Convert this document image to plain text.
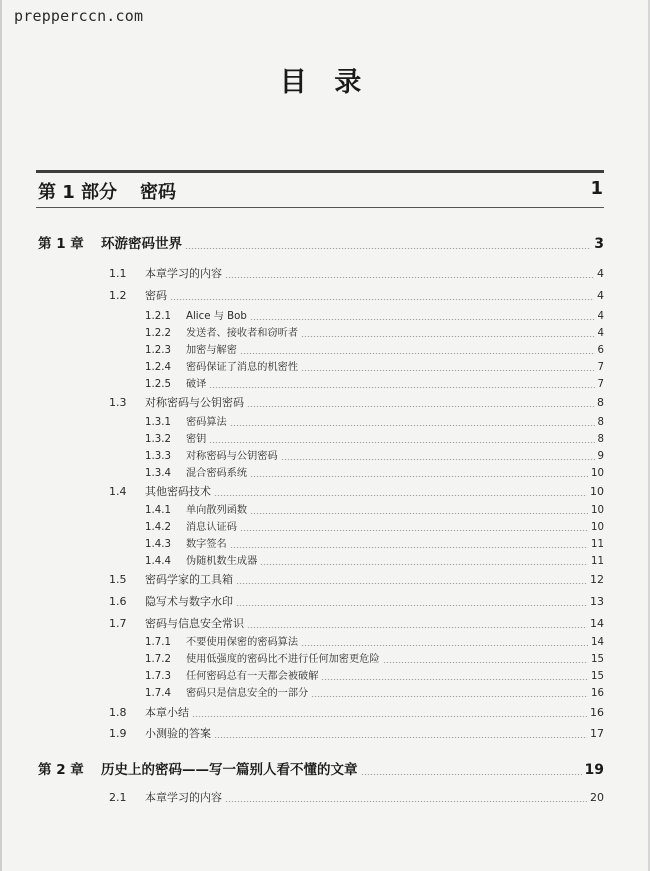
prepperccn.com
目 录
第 1 部分 密码	1
第 1 章	环游密码世界	3
1.1	本章学习的内容	4
1.2	密码	4
1.2.1	Alice 与 Bob	4
1.2.2	发送者、接收者和窃听者	4
1.2.3	加密与解密	6
1.2.4	密码保证了消息的机密性	7
1.2.5	破译	7
1.3	对称密码与公钥密码	8
1.3.1	密码算法	8
1.3.2	密钥	8
1.3.3	对称密码与公钥密码	9
1.3.4	混合密码系统	10
1.4	其他密码技术	10
1.4.1	单向散列函数	10
1.4.2	消息认证码	10
1.4.3	数字签名	11
1.4.4	伪随机数生成器	11
1.5	密码学家的工具箱	12
1.6	隐写术与数字水印	13
1.7	密码与信息安全常识	14
1.7.1	不要使用保密的密码算法	14
1.7.2	使用低强度的密码比不进行任何加密更危险	15
1.7.3	任何密码总有一天都会被破解	15
1.7.4	密码只是信息安全的一部分	16
1.8	本章小结	16
1.9	小测验的答案	17
第 2 章	历史上的密码——写一篇别人看不懂的文章	19
2.1	本章学习的内容	20
